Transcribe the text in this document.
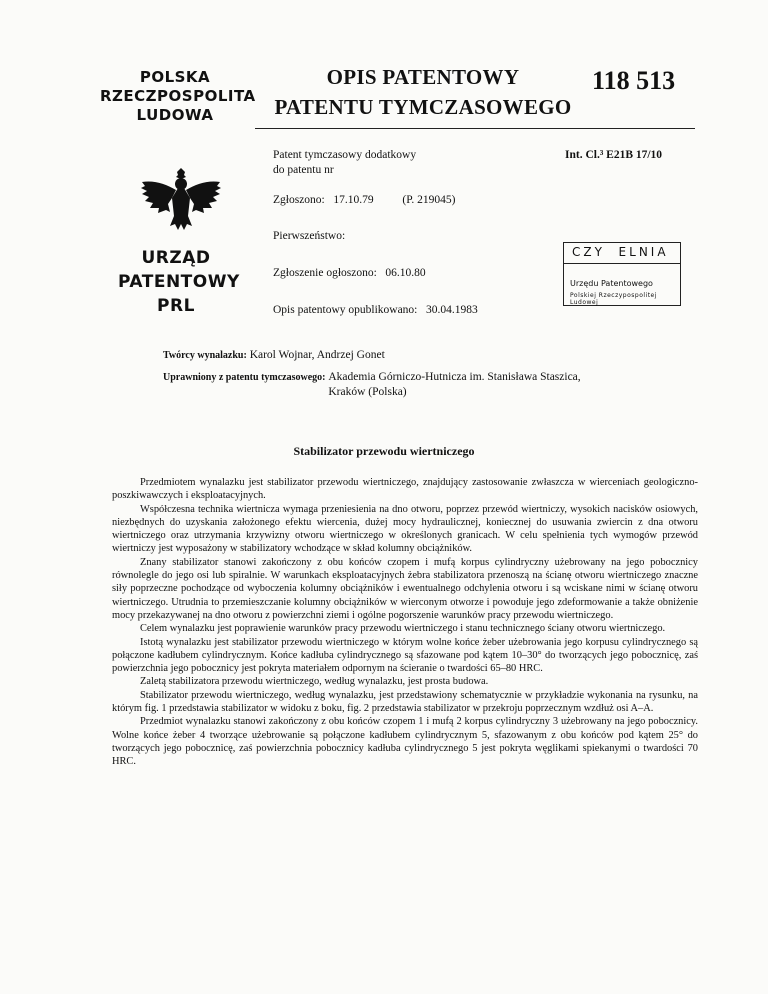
POLSKA
RZECZPOSPOLITA
LUDOWA
OPIS PATENTOWY
PATENTU TYMCZASOWEGO
118 513
URZĄD
PATENTOWY
PRL
Patent tymczasowy dodatkowy
do patentu nr
Int. Cl.³ E21B 17/10
Zgłoszono:   17.10.79          (P. 219045)
Pierwszeństwo:
Zgłoszenie ogłoszono:   06.10.80
Opis patentowy opublikowano:   30.04.1983
CZY  ELNIA
Urzędu Patentowego
Polskiej Rzeczypospolitej Ludowej
Twórcy wynalazku: Karol Wojnar, Andrzej Gonet
Uprawniony z patentu tymczasowego: Akademia Górniczo-Hutnicza im. Stanisława Staszica,
Kraków (Polska)
Stabilizator przewodu wiertniczego

Przedmiotem wynalazku jest stabilizator przewodu wiertniczego, znajdujący zastosowanie zwłaszcza w wierceniach geologiczno-poszkiwawczych i eksploatacyjnych.

Współczesna technika wiertnicza wymaga przeniesienia na dno otworu, poprzez przewód wiertniczy, wysokich nacisków osiowych, niezbędnych do uzyskania założonego efektu wiercenia, dużej mocy hydraulicznej, koniecznej do usuwania zwiercin z dna otworu wiertniczego oraz utrzymania krzywizny otworu wiertniczego w określonych granicach. W celu spełnienia tych wymogów przewód wiertniczy jest wyposażony w stabilizatory wchodzące w skład kolumny obciążników.

Znany stabilizator stanowi zakończony z obu końców czopem i mufą korpus cylindryczny użebrowany na jego pobocznicy równolegle do jego osi lub spiralnie. W warunkach eksploatacyjnych żebra stabilizatora przenoszą na ścianę otworu wiertniczego znaczne siły poprzeczne pochodzące od wyboczenia kolumny obciążników i ewentualnego odchylenia otworu i są wciskane nimi w ścianę otworu wiertniczego. Utrudnia to przemieszczanie kolumny obciążników w wierconym otworze i powoduje jego zdeformowanie a także obniżenie mocy przekazywanej na dno otworu z powierzchni ziemi i ogólne pogorszenie warunków pracy przewodu wiertniczego.

Celem wynalazku jest poprawienie warunków pracy przewodu wiertniczego i stanu technicznego ściany otworu wiertniczego.

Istotą wynalazku jest stabilizator przewodu wiertniczego w którym wolne końce żeber użebrowania jego korpusu cylindrycznego są połączone kadłubem cylindrycznym. Końce kadłuba cylindrycznego są sfazowane pod kątem 10–30° do tworzących jego pobocznicę, zaś powierzchnia jego pobocznicy jest pokryta materiałem odpornym na ścieranie o twardości 65–80 HRC.

Zaletą stabilizatora przewodu wiertniczego, według wynalazku, jest prosta budowa.

Stabilizator przewodu wiertniczego, według wynalazku, jest przedstawiony schematycznie w przykładzie wykonania na rysunku, na którym fig. 1 przedstawia stabilizator w widoku z boku, fig. 2 przedstawia stabilizator w przekroju poprzecznym wzdłuż osi A–A.

Przedmiot wynalazku stanowi zakończony z obu końców czopem 1 i mufą 2 korpus cylindryczny 3 użebrowany na jego pobocznicy. Wolne końce żeber 4 tworzące użebrowanie są połączone kadłubem cylindrycznym 5, sfazowanym z obu końców pod kątem 25° do tworzących jego pobocznicę, zaś powierzchnia pobocznicy kadłuba cylindrycznego 5 jest pokryta węglikami spiekanymi o twardości 70 HRC.
